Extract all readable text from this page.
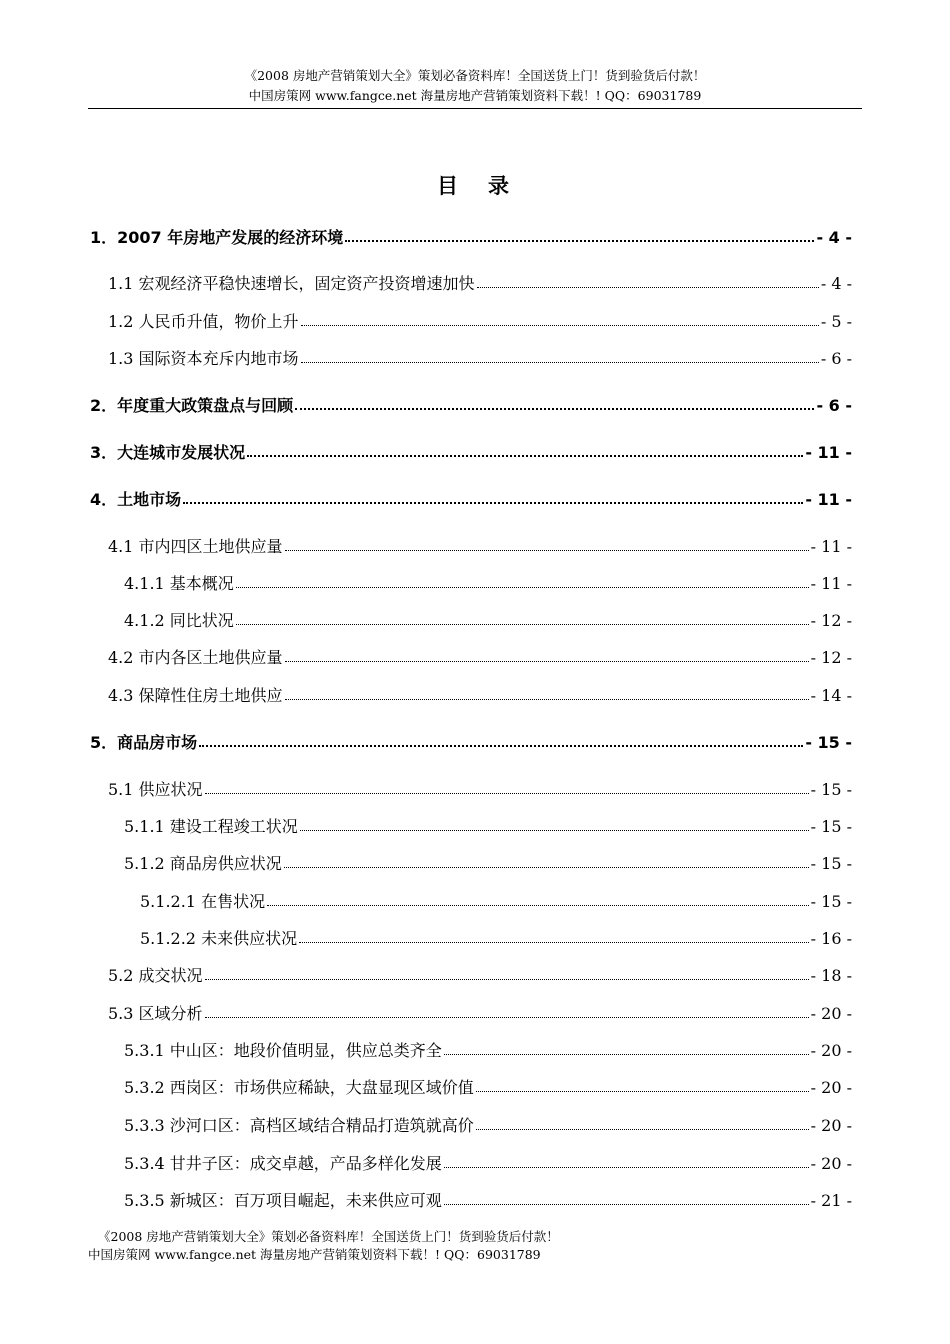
《2008 房地产营销策划大全》策划必备资料库！全国送货上门！货到验货后付款！
中国房策网 www.fangce.net 海量房地产营销策划资料下载！! QQ：69031789
目 录
1．2007 年房地产发展的经济环境	- 4 -
1.1 宏观经济平稳快速增长，固定资产投资增速加快	- 4 -
1.2 人民币升值，物价上升	- 5 -
1.3 国际资本充斥内地市场	- 6 -
2．年度重大政策盘点与回顾	- 6 -
3．大连城市发展状况	- 11 -
4．土地市场	- 11 -
4.1 市内四区土地供应量	- 11 -
4.1.1 基本概况	- 11 -
4.1.2 同比状况	- 12 -
4.2 市内各区土地供应量	- 12 -
4.3 保障性住房土地供应	- 14 -
5．商品房市场	- 15 -
5.1 供应状况	- 15 -
5.1.1 建设工程竣工状况	- 15 -
5.1.2 商品房供应状况	- 15 -
5.1.2.1 在售状况	- 15 -
5.1.2.2 未来供应状况	- 16 -
5.2 成交状况	- 18 -
5.3 区域分析	- 20 -
5.3.1 中山区：地段价值明显，供应总类齐全	- 20 -
5.3.2 西岗区：市场供应稀缺，大盘显现区域价值	- 20 -
5.3.3 沙河口区：高档区域结合精品打造筑就高价	- 20 -
5.3.4 甘井子区：成交卓越，产品多样化发展	- 20 -
5.3.5 新城区：百万项目崛起，未来供应可观	- 21 -
《2008 房地产营销策划大全》策划必备资料库！全国送货上门！货到验货后付款！
中国房策网 www.fangce.net 海量房地产营销策划资料下载！! QQ：69031789
